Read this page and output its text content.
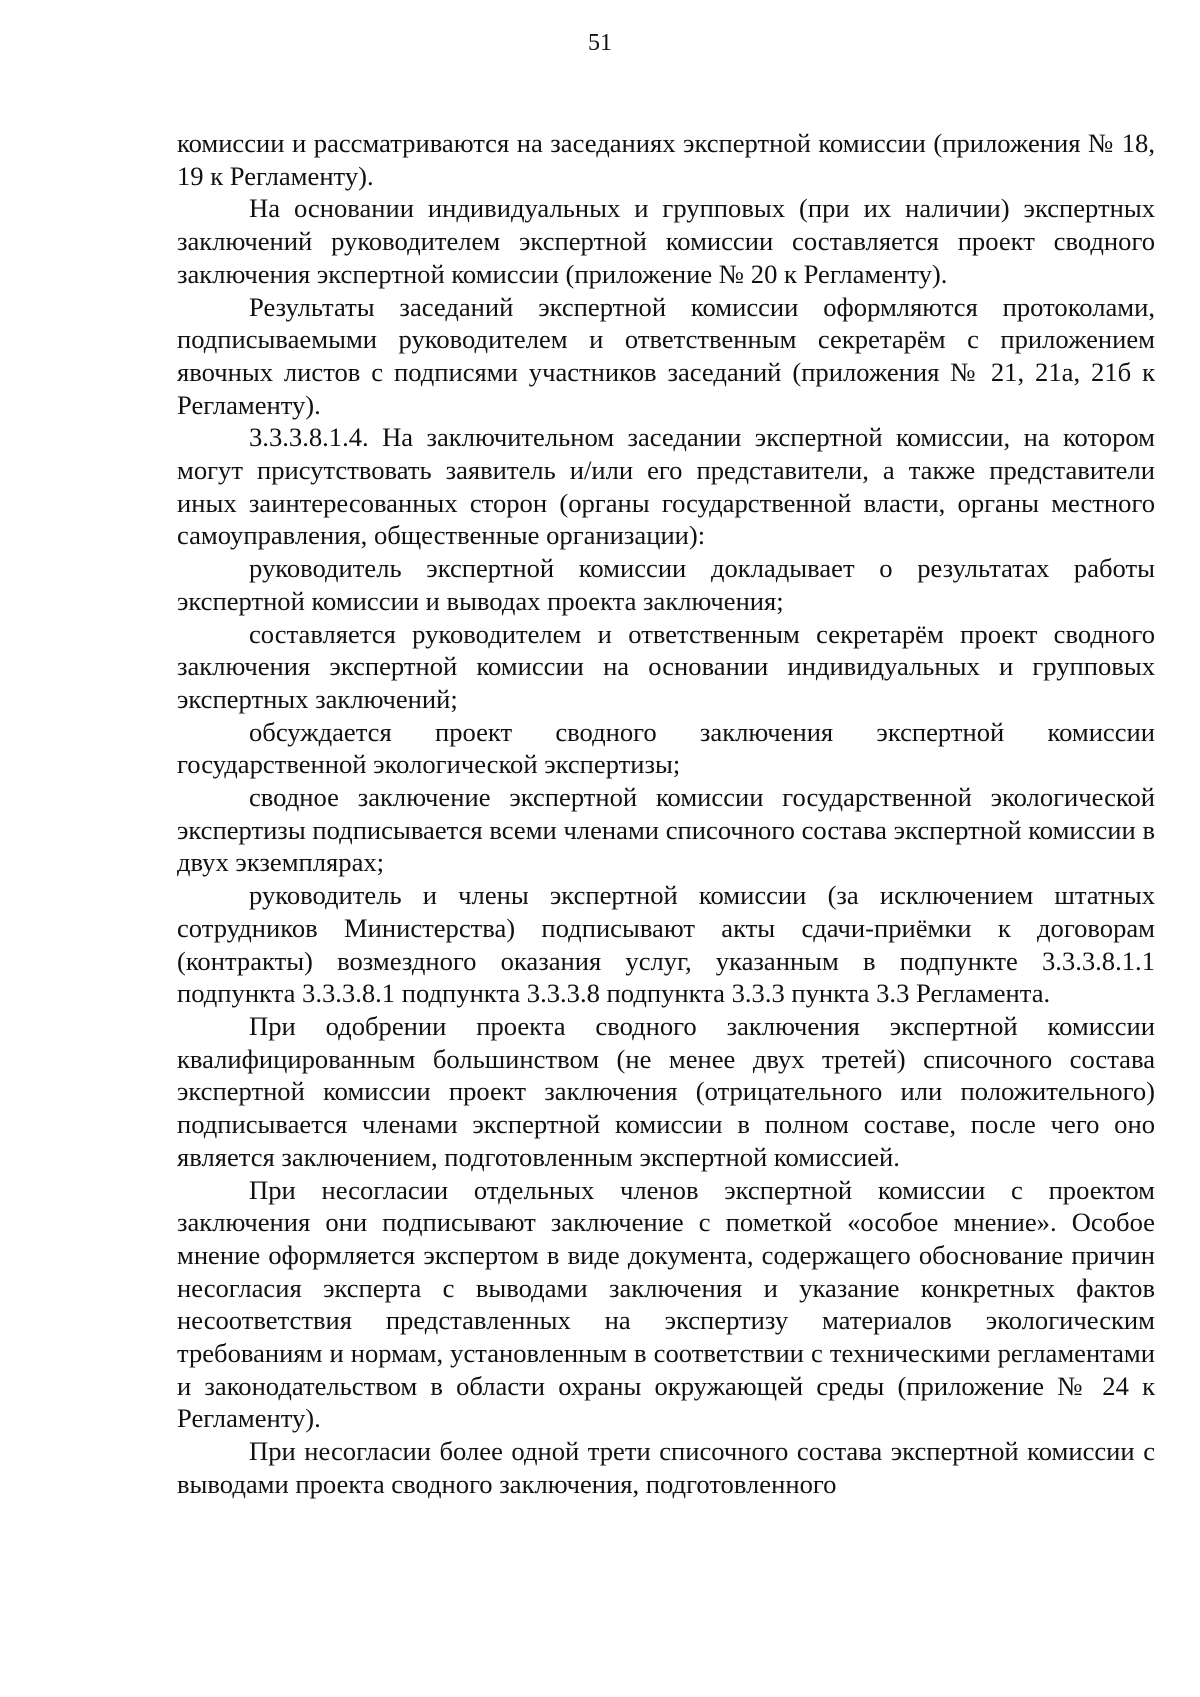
51

комиссии и рассматриваются на заседаниях экспертной комиссии (приложения № 18, 19 к Регламенту).

На основании индивидуальных и групповых (при их наличии) экспертных заключений руководителем экспертной комиссии составляется проект сводного заключения экспертной комиссии (приложение № 20 к Регламенту).

Результаты заседаний экспертной комиссии оформляются протоколами, подписываемыми руководителем и ответственным секретарём с приложением явочных листов с подписями участников заседаний (приложения № 21, 21а, 21б к Регламенту).

3.3.3.8.1.4. На заключительном заседании экспертной комиссии, на котором могут присутствовать заявитель и/или его представители, а также представители иных заинтересованных сторон (органы государственной власти, органы местного самоуправления, общественные организации):

руководитель экспертной комиссии докладывает о результатах работы экспертной комиссии и выводах проекта заключения;

составляется руководителем и ответственным секретарём проект сводного заключения экспертной комиссии на основании индивидуальных и групповых экспертных заключений;

обсуждается проект сводного заключения экспертной комиссии государственной экологической экспертизы;

сводное заключение экспертной комиссии государственной экологической экспертизы подписывается всеми членами списочного состава экспертной комиссии в двух экземплярах;

руководитель и члены экспертной комиссии (за исключением штатных сотрудников Министерства) подписывают акты сдачи-приёмки к договорам (контракты) возмездного оказания услуг, указанным в подпункте 3.3.3.8.1.1 подпункта 3.3.3.8.1 подпункта 3.3.3.8 подпункта 3.3.3 пункта 3.3 Регламента.

При одобрении проекта сводного заключения экспертной комиссии квалифицированным большинством (не менее двух третей) списочного состава экспертной комиссии проект заключения (отрицательного или положительного) подписывается членами экспертной комиссии в полном составе, после чего оно является заключением, подготовленным экспертной комиссией.

При несогласии отдельных членов экспертной комиссии с проектом заключения они подписывают заключение с пометкой «особое мнение». Особое мнение оформляется экспертом в виде документа, содержащего обоснование причин несогласия эксперта с выводами заключения и указание конкретных фактов несоответствия представленных на экспертизу материалов экологическим требованиям и нормам, установленным в соответствии с техническими регламентами и законодательством в области охраны окружающей среды (приложение № 24 к Регламенту).

При несогласии более одной трети списочного состава экспертной комиссии с выводами проекта сводного заключения, подготовленного
